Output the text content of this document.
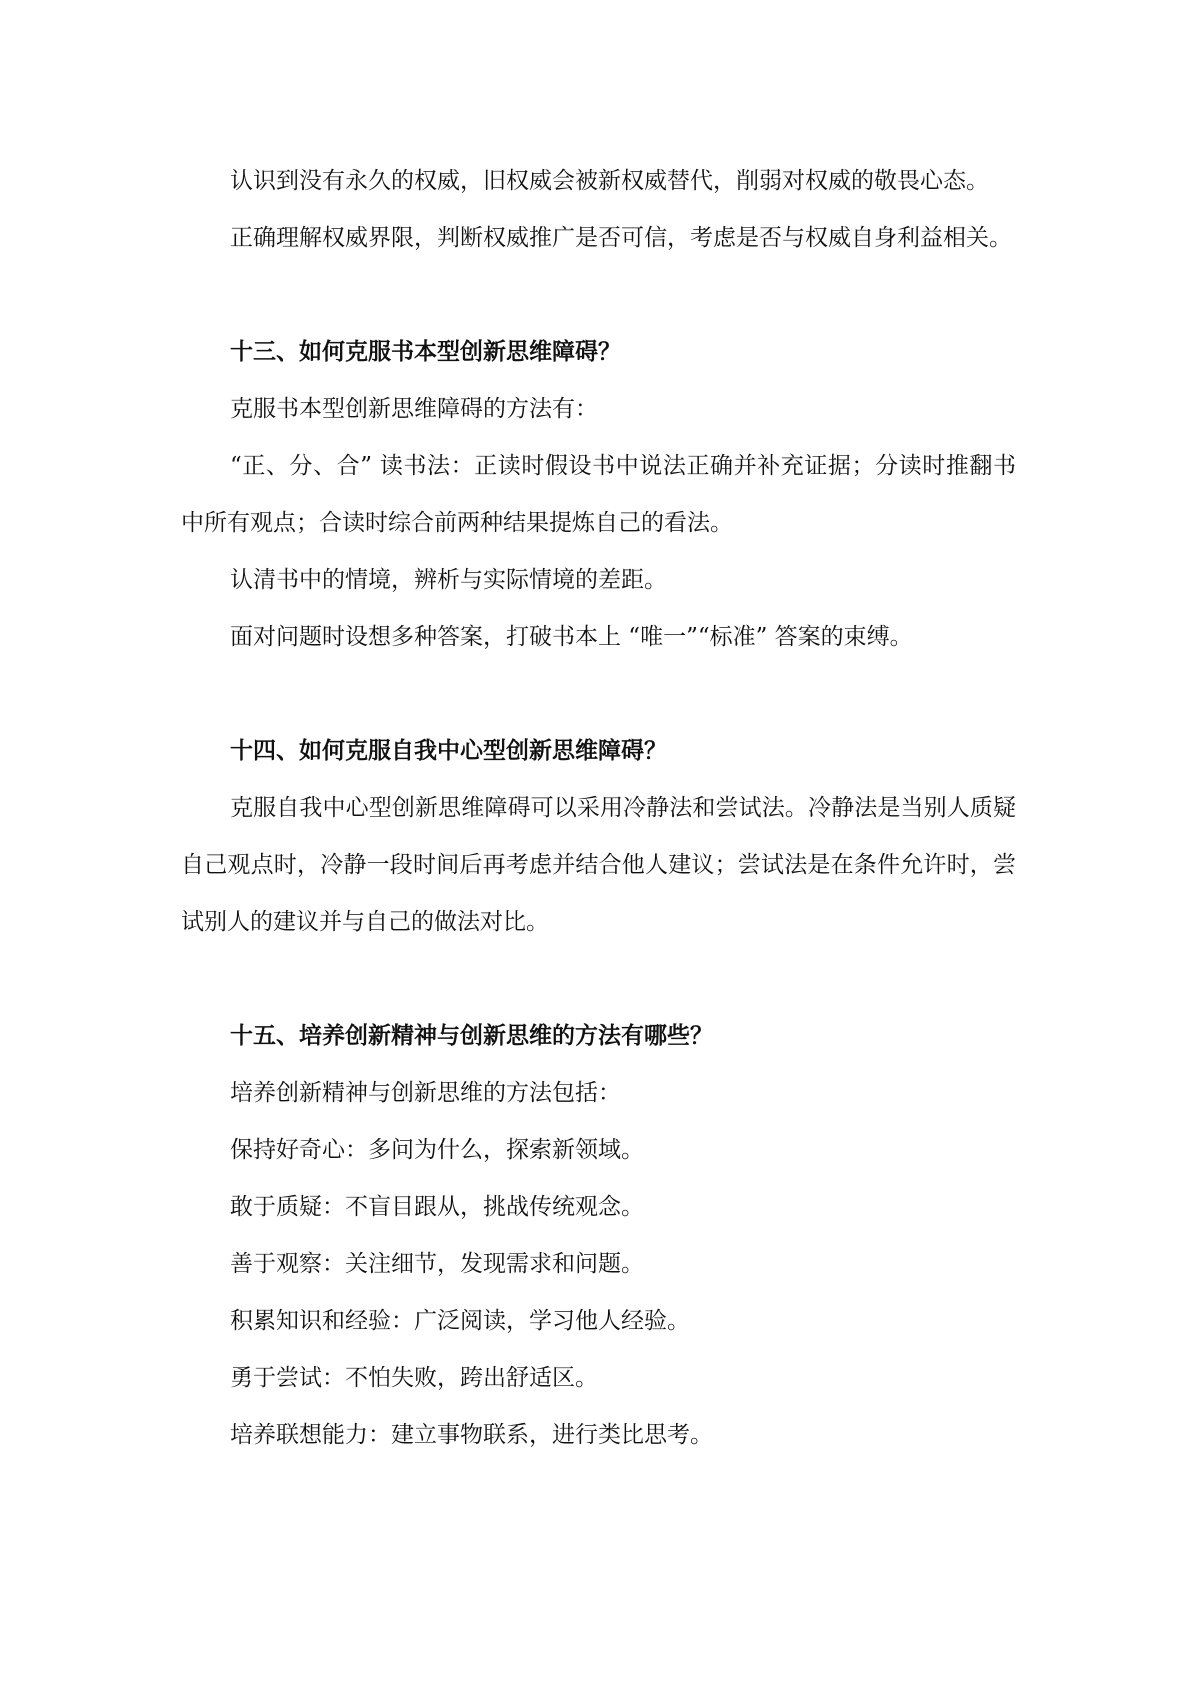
认识到没有永久的权威，旧权威会被新权威替代，削弱对权威的敬畏心态。

正确理解权威界限，判断权威推广是否可信，考虑是否与权威自身利益相关。

十三、如何克服书本型创新思维障碍？

克服书本型创新思维障碍的方法有：

“正、分、合” 读书法：正读时假设书中说法正确并补充证据；分读时推翻书中所有观点；合读时综合前两种结果提炼自己的看法。

认清书中的情境，辨析与实际情境的差距。

面对问题时设想多种答案，打破书本上 “唯一”“标准” 答案的束缚。

十四、如何克服自我中心型创新思维障碍？

克服自我中心型创新思维障碍可以采用冷静法和尝试法。冷静法是当别人质疑自己观点时，冷静一段时间后再考虑并结合他人建议；尝试法是在条件允许时，尝试别人的建议并与自己的做法对比。

十五、培养创新精神与创新思维的方法有哪些？

培养创新精神与创新思维的方法包括：

保持好奇心：多问为什么，探索新领域。

敢于质疑：不盲目跟从，挑战传统观念。

善于观察：关注细节，发现需求和问题。

积累知识和经验：广泛阅读，学习他人经验。

勇于尝试：不怕失败，跨出舒适区。

培养联想能力：建立事物联系，进行类比思考。
